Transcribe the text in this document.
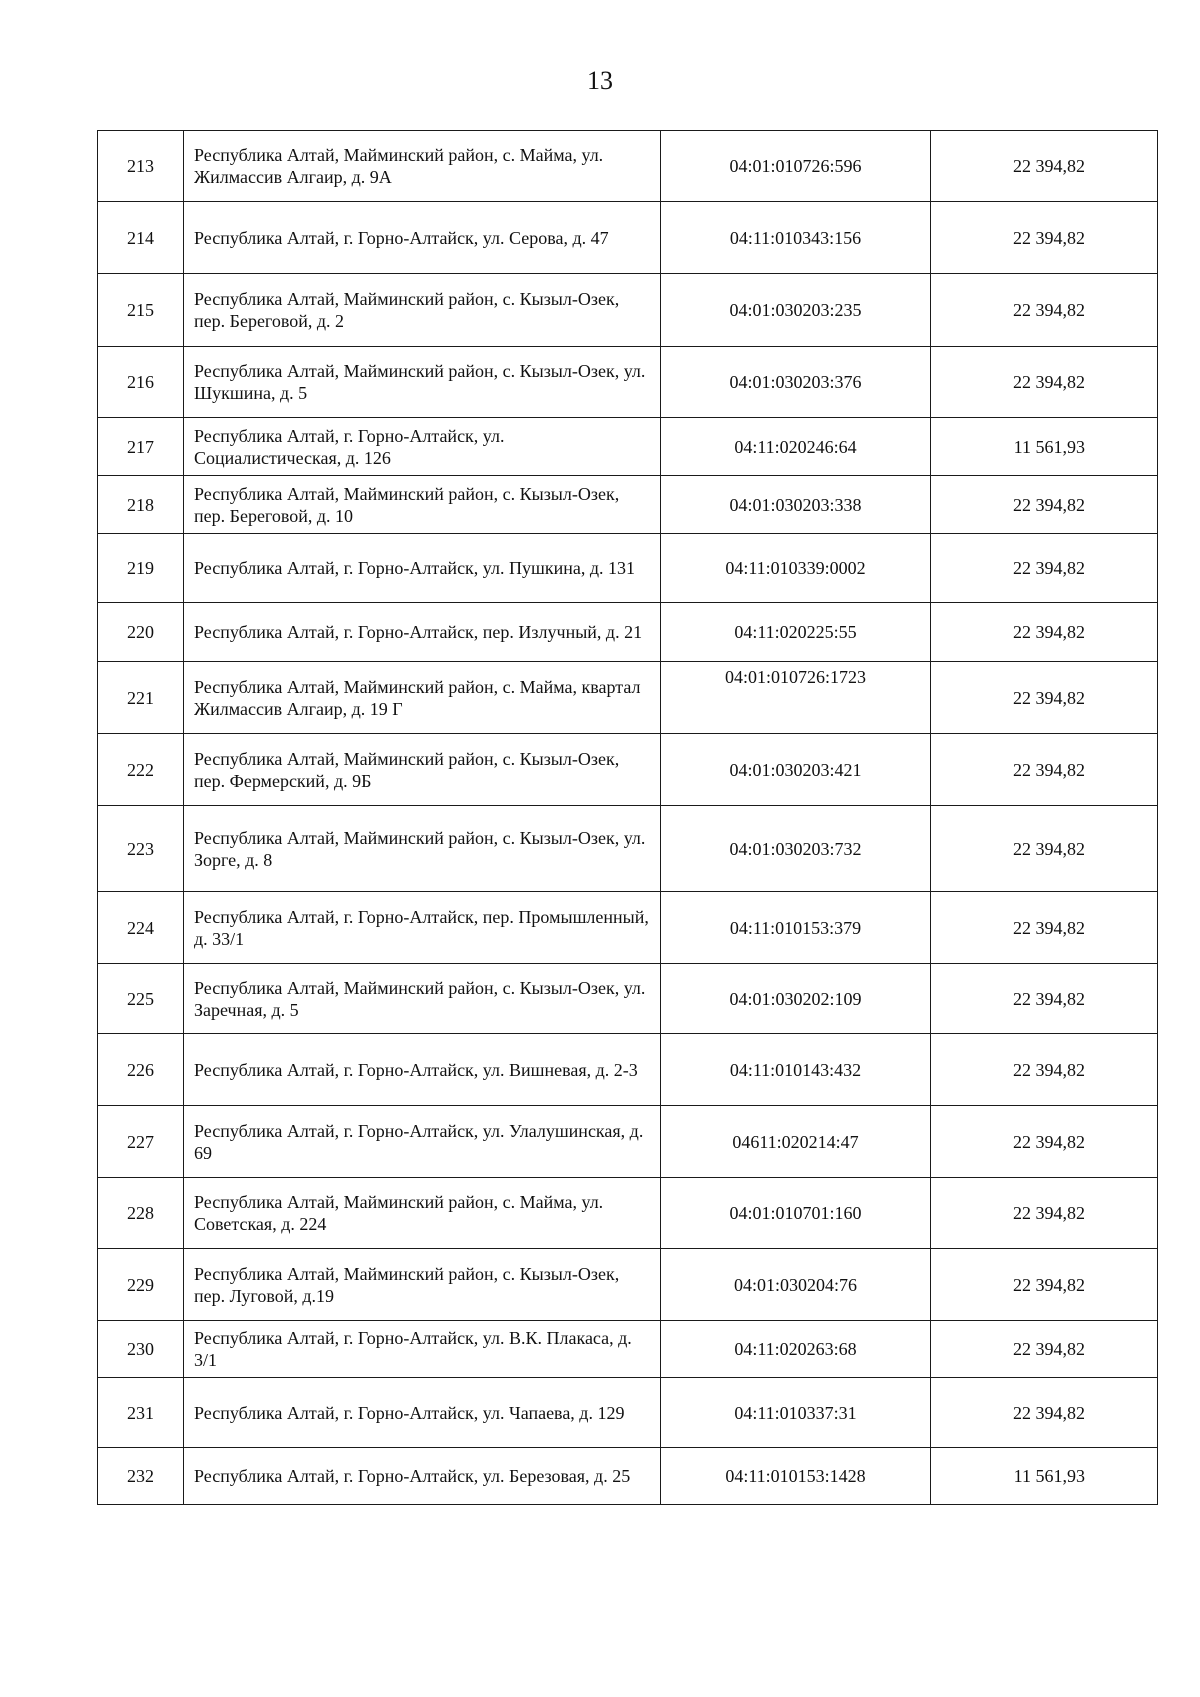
13
213	Республика Алтай, Майминский район, с. Майма, ул. Жилмассив Алгаир, д. 9А	04:01:010726:596	22 394,82
214	Республика Алтай, г. Горно-Алтайск, ул. Серова, д. 47	04:11:010343:156	22 394,82
215	Республика Алтай, Майминский район, с. Кызыл-Озек, пер. Береговой, д. 2	04:01:030203:235	22 394,82
216	Республика Алтай, Майминский район, с. Кызыл-Озек, ул. Шукшина, д. 5	04:01:030203:376	22 394,82
217	Республика Алтай, г. Горно-Алтайск, ул. Социалистическая, д. 126	04:11:020246:64	11 561,93
218	Республика Алтай, Майминский район, с. Кызыл-Озек, пер. Береговой, д. 10	04:01:030203:338	22 394,82
219	Республика Алтай, г. Горно-Алтайск, ул. Пушкина, д. 131	04:11:010339:0002	22 394,82
220	Республика Алтай, г. Горно-Алтайск, пер. Излучный, д. 21	04:11:020225:55	22 394,82
221	Республика Алтай, Майминский район, с. Майма, квартал Жилмассив Алгаир, д. 19 Г	04:01:010726:1723	22 394,82
222	Республика Алтай, Майминский район, с. Кызыл-Озек, пер. Фермерский, д. 9Б	04:01:030203:421	22 394,82
223	Республика Алтай, Майминский район, с. Кызыл-Озек, ул. Зорге, д. 8	04:01:030203:732	22 394,82
224	Республика Алтай, г. Горно-Алтайск, пер. Промышленный, д. 33/1	04:11:010153:379	22 394,82
225	Республика Алтай, Майминский район, с. Кызыл-Озек, ул. Заречная, д. 5	04:01:030202:109	22 394,82
226	Республика Алтай, г. Горно-Алтайск, ул. Вишневая, д. 2-3	04:11:010143:432	22 394,82
227	Республика Алтай, г. Горно-Алтайск, ул. Улалушинская, д. 69	04611:020214:47	22 394,82
228	Республика Алтай, Майминский район, с. Майма, ул. Советская, д. 224	04:01:010701:160	22 394,82
229	Республика Алтай, Майминский район, с. Кызыл-Озек, пер. Луговой, д.19	04:01:030204:76	22 394,82
230	Республика Алтай, г. Горно-Алтайск, ул. В.К. Плакаса, д. 3/1	04:11:020263:68	22 394,82
231	Республика Алтай, г. Горно-Алтайск, ул. Чапаева, д. 129	04:11:010337:31	22 394,82
232	Республика Алтай, г. Горно-Алтайск, ул. Березовая, д. 25	04:11:010153:1428	11 561,93
